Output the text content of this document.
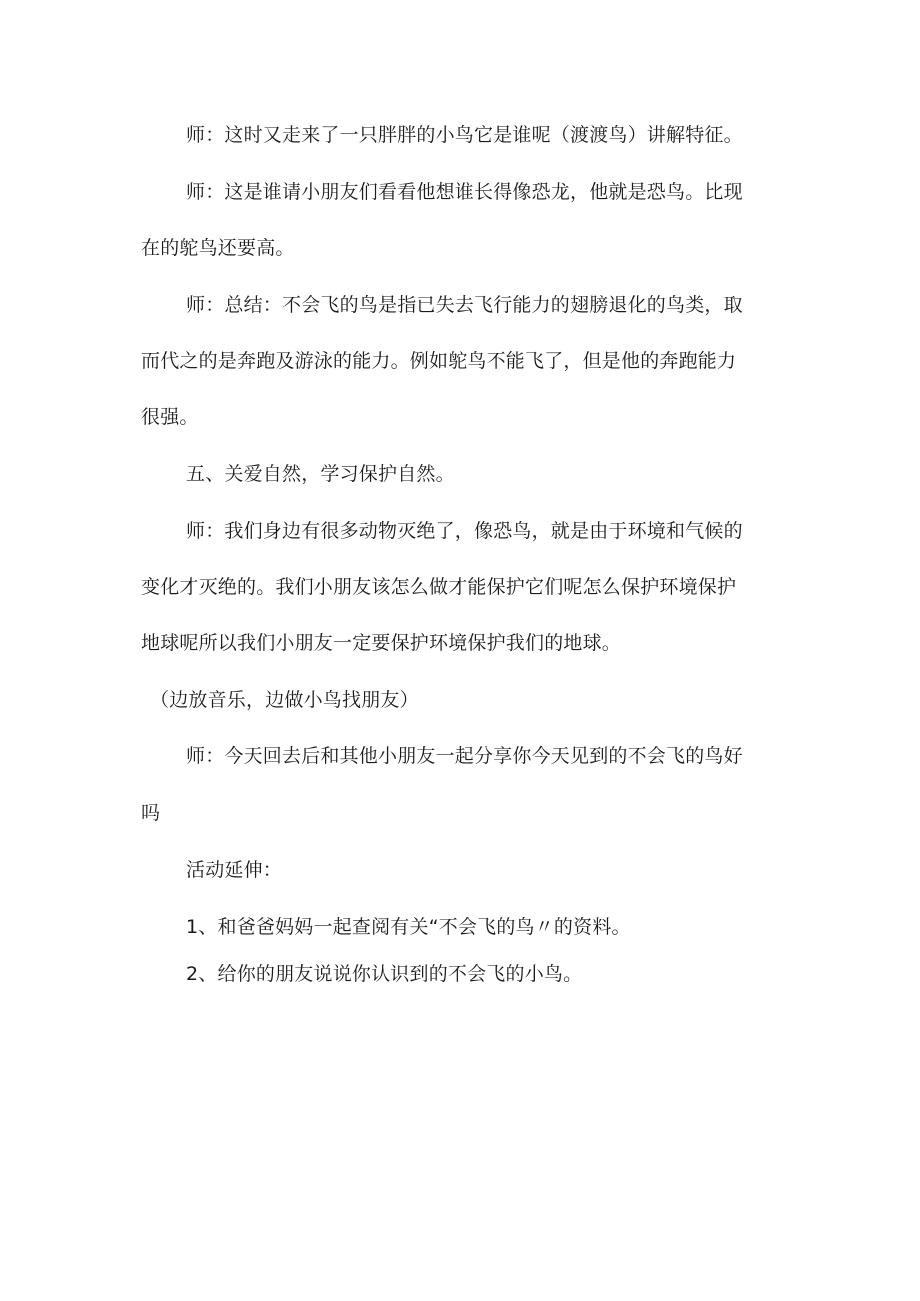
师：这时又走来了一只胖胖的小鸟它是谁呢（渡渡鸟）讲解特征。
师：这是谁请小朋友们看看他想谁长得像恐龙，他就是恐鸟。比现
在的鸵鸟还要高。
师：总结：不会飞的鸟是指已失去飞行能力的翅膀退化的鸟类，取
而代之的是奔跑及游泳的能力。例如鸵鸟不能飞了，但是他的奔跑能力
很强。
五、关爱自然，学习保护自然。
师：我们身边有很多动物灭绝了，像恐鸟，就是由于环境和气候的
变化才灭绝的。我们小朋友该怎么做才能保护它们呢怎么保护环境保护
地球呢所以我们小朋友一定要保护环境保护我们的地球。
（边放音乐，边做小鸟找朋友）
师：今天回去后和其他小朋友一起分享你今天见到的不会飞的鸟好
吗
活动延伸：
1、和爸爸妈妈一起查阅有关“不会飞的鸟〃的资料。
2、给你的朋友说说你认识到的不会飞的小鸟。
